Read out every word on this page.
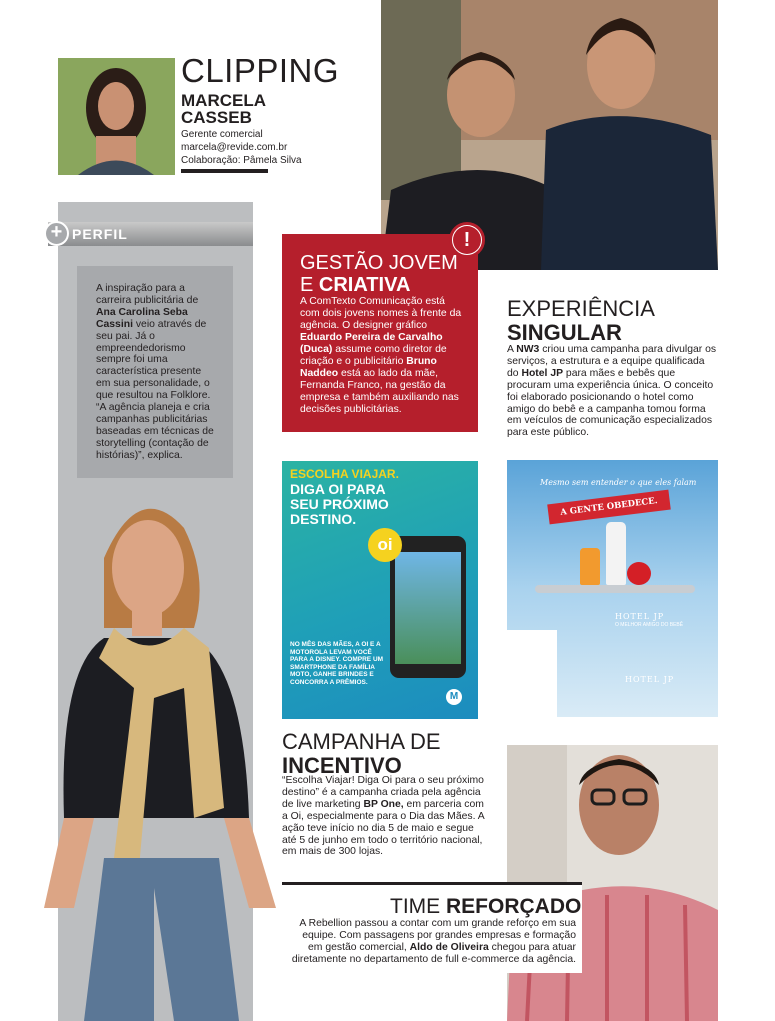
CLIPPING
MARCELA
CASSEB
Gerente comercial
marcela@revide.com.br
Colaboração: Pâmela Silva
+ PERFIL
A inspiração para a carreira publicitária de Ana Carolina Seba Cassini veio através de seu pai. Já o empreendedorismo sempre foi uma característica presente em sua personalidade, o que resultou na Folklore. “A agência planeja e cria campanhas publicitárias baseadas em técnicas de storytelling (contação de histórias)”, explica.
!
GESTÃO JOVEM
E CRIATIVA
A ComTexto Comunicação está com dois jovens nomes à frente da agência. O designer gráfico Eduardo Pereira de Carvalho (Duca) assume como diretor de criação e o publicitário Bruno Naddeo está ao lado da mãe, Fernanda Franco, na gestão da empresa e também auxiliando nas decisões publicitárias.
EXPERIÊNCIA
SINGULAR
A NW3 criou uma campanha para divulgar os serviços, a estrutura e a equipe qualificada do Hotel JP para mães e bebês que procuram uma experiência única. O conceito foi elaborado posicionando o hotel como amigo do bebê e a campanha tomou forma em veículos de comunicação especializados para este público.
ESCOLHA VIAJAR.
DIGA OI PARA SEU PRÓXIMO DESTINO.
oi
NO MÊS DAS MÃES, A OI E A MOTOROLA LEVAM VOCÊ PARA A DISNEY. COMPRE UM SMARTPHONE DA FAMÍLIA MOTO, GANHE BRINDES E CONCORRA A PRÊMIOS.
M
Mesmo sem entender o que eles falam
A GENTE OBEDECE.
HOTEL JP
O MELHOR AMIGO DO BEBÊ
HOTEL JP
CAMPANHA DE
INCENTIVO
“Escolha Viajar! Diga Oi para o seu próximo destino” é a campanha criada pela agência de live marketing BP One, em parceria com a Oi, especialmente para o Dia das Mães. A ação teve início no dia 5 de maio e segue até 5 de junho em todo o território nacional, em mais de 300 lojas.
TIME REFORÇADO
A Rebellion passou a contar com um grande reforço em sua equipe. Com passagens por grandes empresas e formação em gestão comercial, Aldo de Oliveira chegou para atuar diretamente no departamento de full e-commerce da agência.
